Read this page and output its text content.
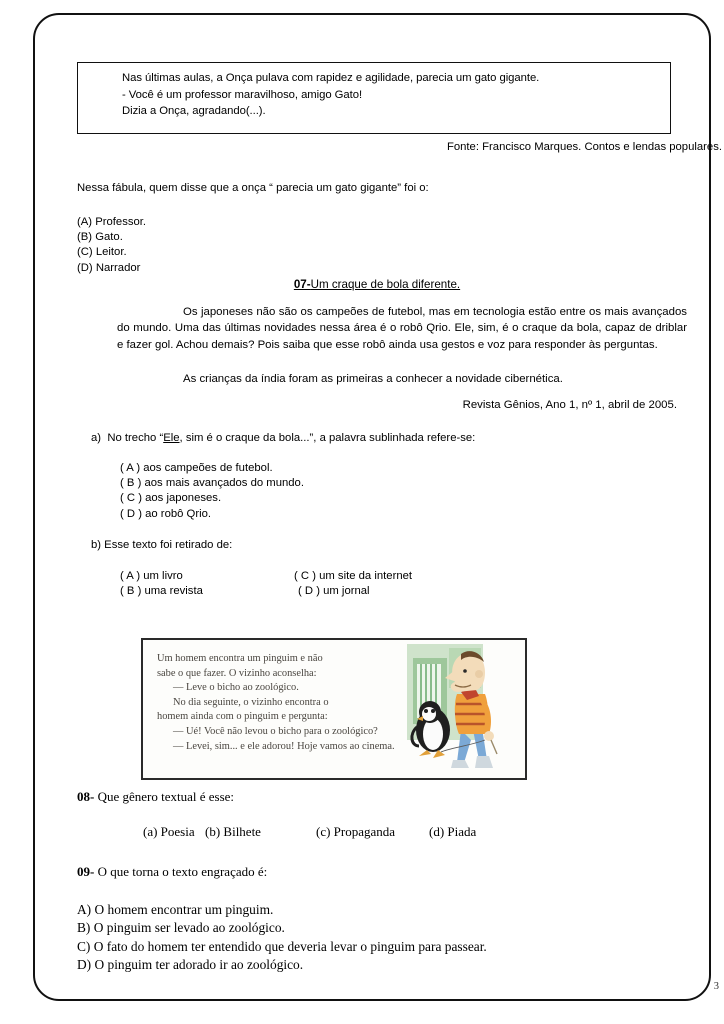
Nas últimas aulas, a Onça pulava com rapidez e agilidade, parecia um gato gigante.
- Você é um professor maravilhoso, amigo Gato!
Dizia a Onça, agradando(...).
Fonte: Francisco Marques. Contos e lendas populares.
Nessa fábula, quem disse que a onça “ parecia um gato gigante” foi o:
(A) Professor.
(B) Gato.
(C) Leitor.
(D) Narrador
07-Um craque de bola diferente.
Os japoneses não são os campeões de futebol, mas em tecnologia estão entre os mais avançados do mundo. Uma das últimas novidades nessa área é o robô Qrio. Ele, sim, é o craque da bola, capaz de driblar e fazer gol. Achou demais? Pois saiba que esse robô ainda usa gestos e voz para responder às perguntas.
As crianças da índia foram as primeiras a conhecer a novidade cibernética.
Revista Gênios, Ano 1, nº 1, abril de 2005.
a) No trecho “Ele, sim é o craque da bola...”, a palavra sublinhada refere-se:
( A ) aos campeões de futebol.
( B ) aos mais avançados do mundo.
( C ) aos japoneses.
( D ) ao robô Qrio.
b) Esse texto foi retirado de:
( A ) um livro
( B ) uma revista
( C ) um site da internet
( D ) um jornal
Um homem encontra um pinguim e não
sabe o que fazer. O vizinho aconselha:
— Leve o bicho ao zoológico.
No dia seguinte, o vizinho encontra o
homem ainda com o pinguim e pergunta:
— Ué! Você não levou o bicho para o zoológico?
— Levei, sim... e ele adorou! Hoje vamos ao cinema.
08- Que gênero textual é esse:
(a) Poesia (b) Bilhete	(c) Propaganda	(d) Piada
09- O que torna o texto engraçado é:
A) O homem encontrar um pinguim.
B) O pinguim ser levado ao zoológico.
C) O fato do homem ter entendido que deveria levar o pinguim para passear.
D) O pinguim ter adorado ir ao zoológico.
3
